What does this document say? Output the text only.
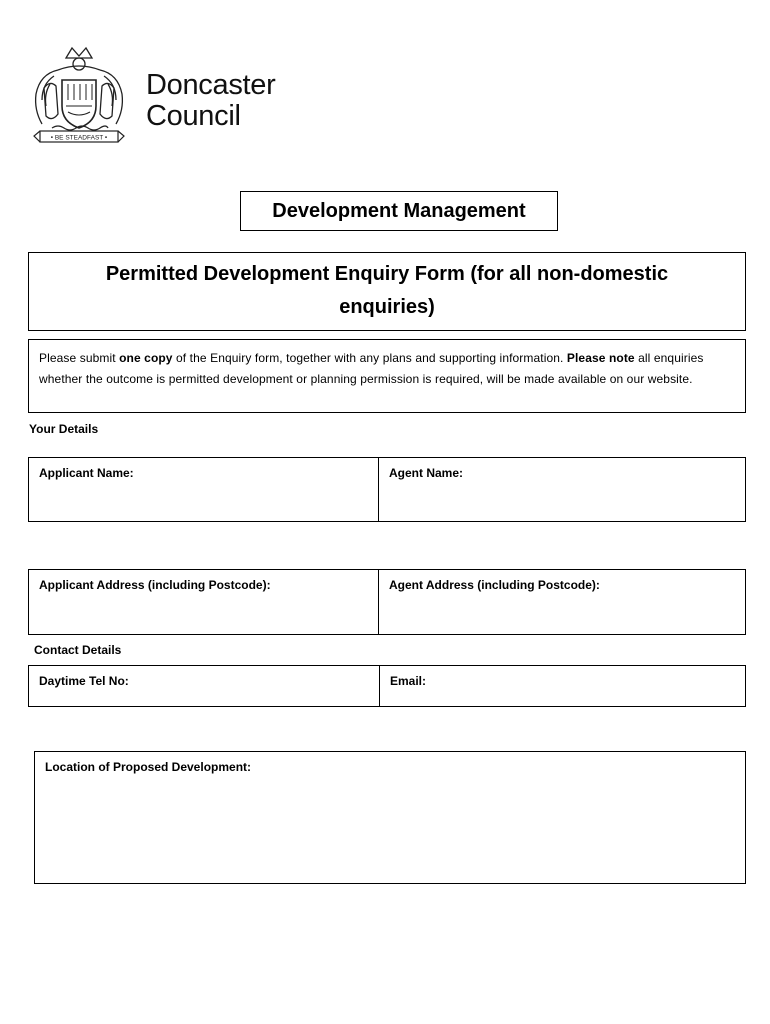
• BE STEADFAST •
Doncaster
Council
Development Management
Permitted Development Enquiry Form (for all non-domestic
enquiries)
Please submit one copy of the Enquiry form, together with any plans and supporting information. Please note all enquiries whether the outcome is permitted development or planning permission is required, will be made available on our website.
Your Details
Applicant Name:	Agent Name:
Applicant Address (including Postcode):	Agent Address (including Postcode):
Contact Details
Daytime Tel No:	Email:
Location of Proposed Development:
